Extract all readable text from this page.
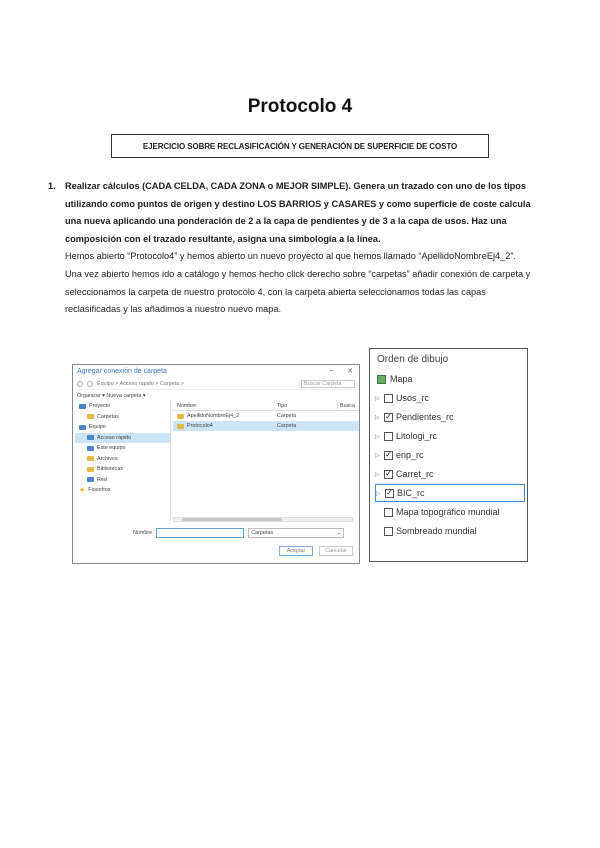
Protocolo 4
EJERCICIO SOBRE RECLASIFICACIÓN Y GENERACIÓN DE SUPERFICIE DE COSTO
1. Realizar cálculos (CADA CELDA, CADA ZONA o MEJOR SIMPLE). Genera un trazado con uno de los tipos utilizando como puntos de origen y destino LOS BARRIOS y CASARES y como superficie de coste calcula una nueva aplicando una ponderación de 2 a la capa de pendientes y de 3 a la capa de usos. Haz una composición con el trazado resultante, asigna una simbología a la línea.

Hemos abierto “Protocolo4” y hemos abierto un nuevo proyecto al que hemos llamado “ApellidoNombreEj4_2”.

Una vez abierto hemos ido a catálogo y hemos hecho click derecho sobre “carpetas” añadir conexión de carpeta y seleccionamos la carpeta de nuestro protocolo 4, con la carpeta abierta seleccionamos todas las capas reclasificadas y las añadimos a nuestro nuevo mapa.

Agregar conexión de carpeta	– ✕
Equipo > Acceso rápido > Carpeta >	Buscar Carpeta
Organizar ▾ Nueva carpeta ▾
Proyecto
Carpetas
Equipo
Acceso rápido
Este equipo
Archivos
Bibliotecas
Red
★ Favoritos
Nombre	Tipo	Busca
ApellidoNombreEj4_2	Carpeta
Protocolo4	Carpeta
Nombre	Carpetas	⌄
Aceptar	Cancelar
Orden de dibujo
Mapa
▷ Usos_rc
▷ ✓ Pendientes_rc
▷ Litologi_rc
▷ ✓ enp_rc
▷ ✓ Carret_rc
▷ ✓ BIC_rc
Mapa topográfico mundial
Sombreado mundial
